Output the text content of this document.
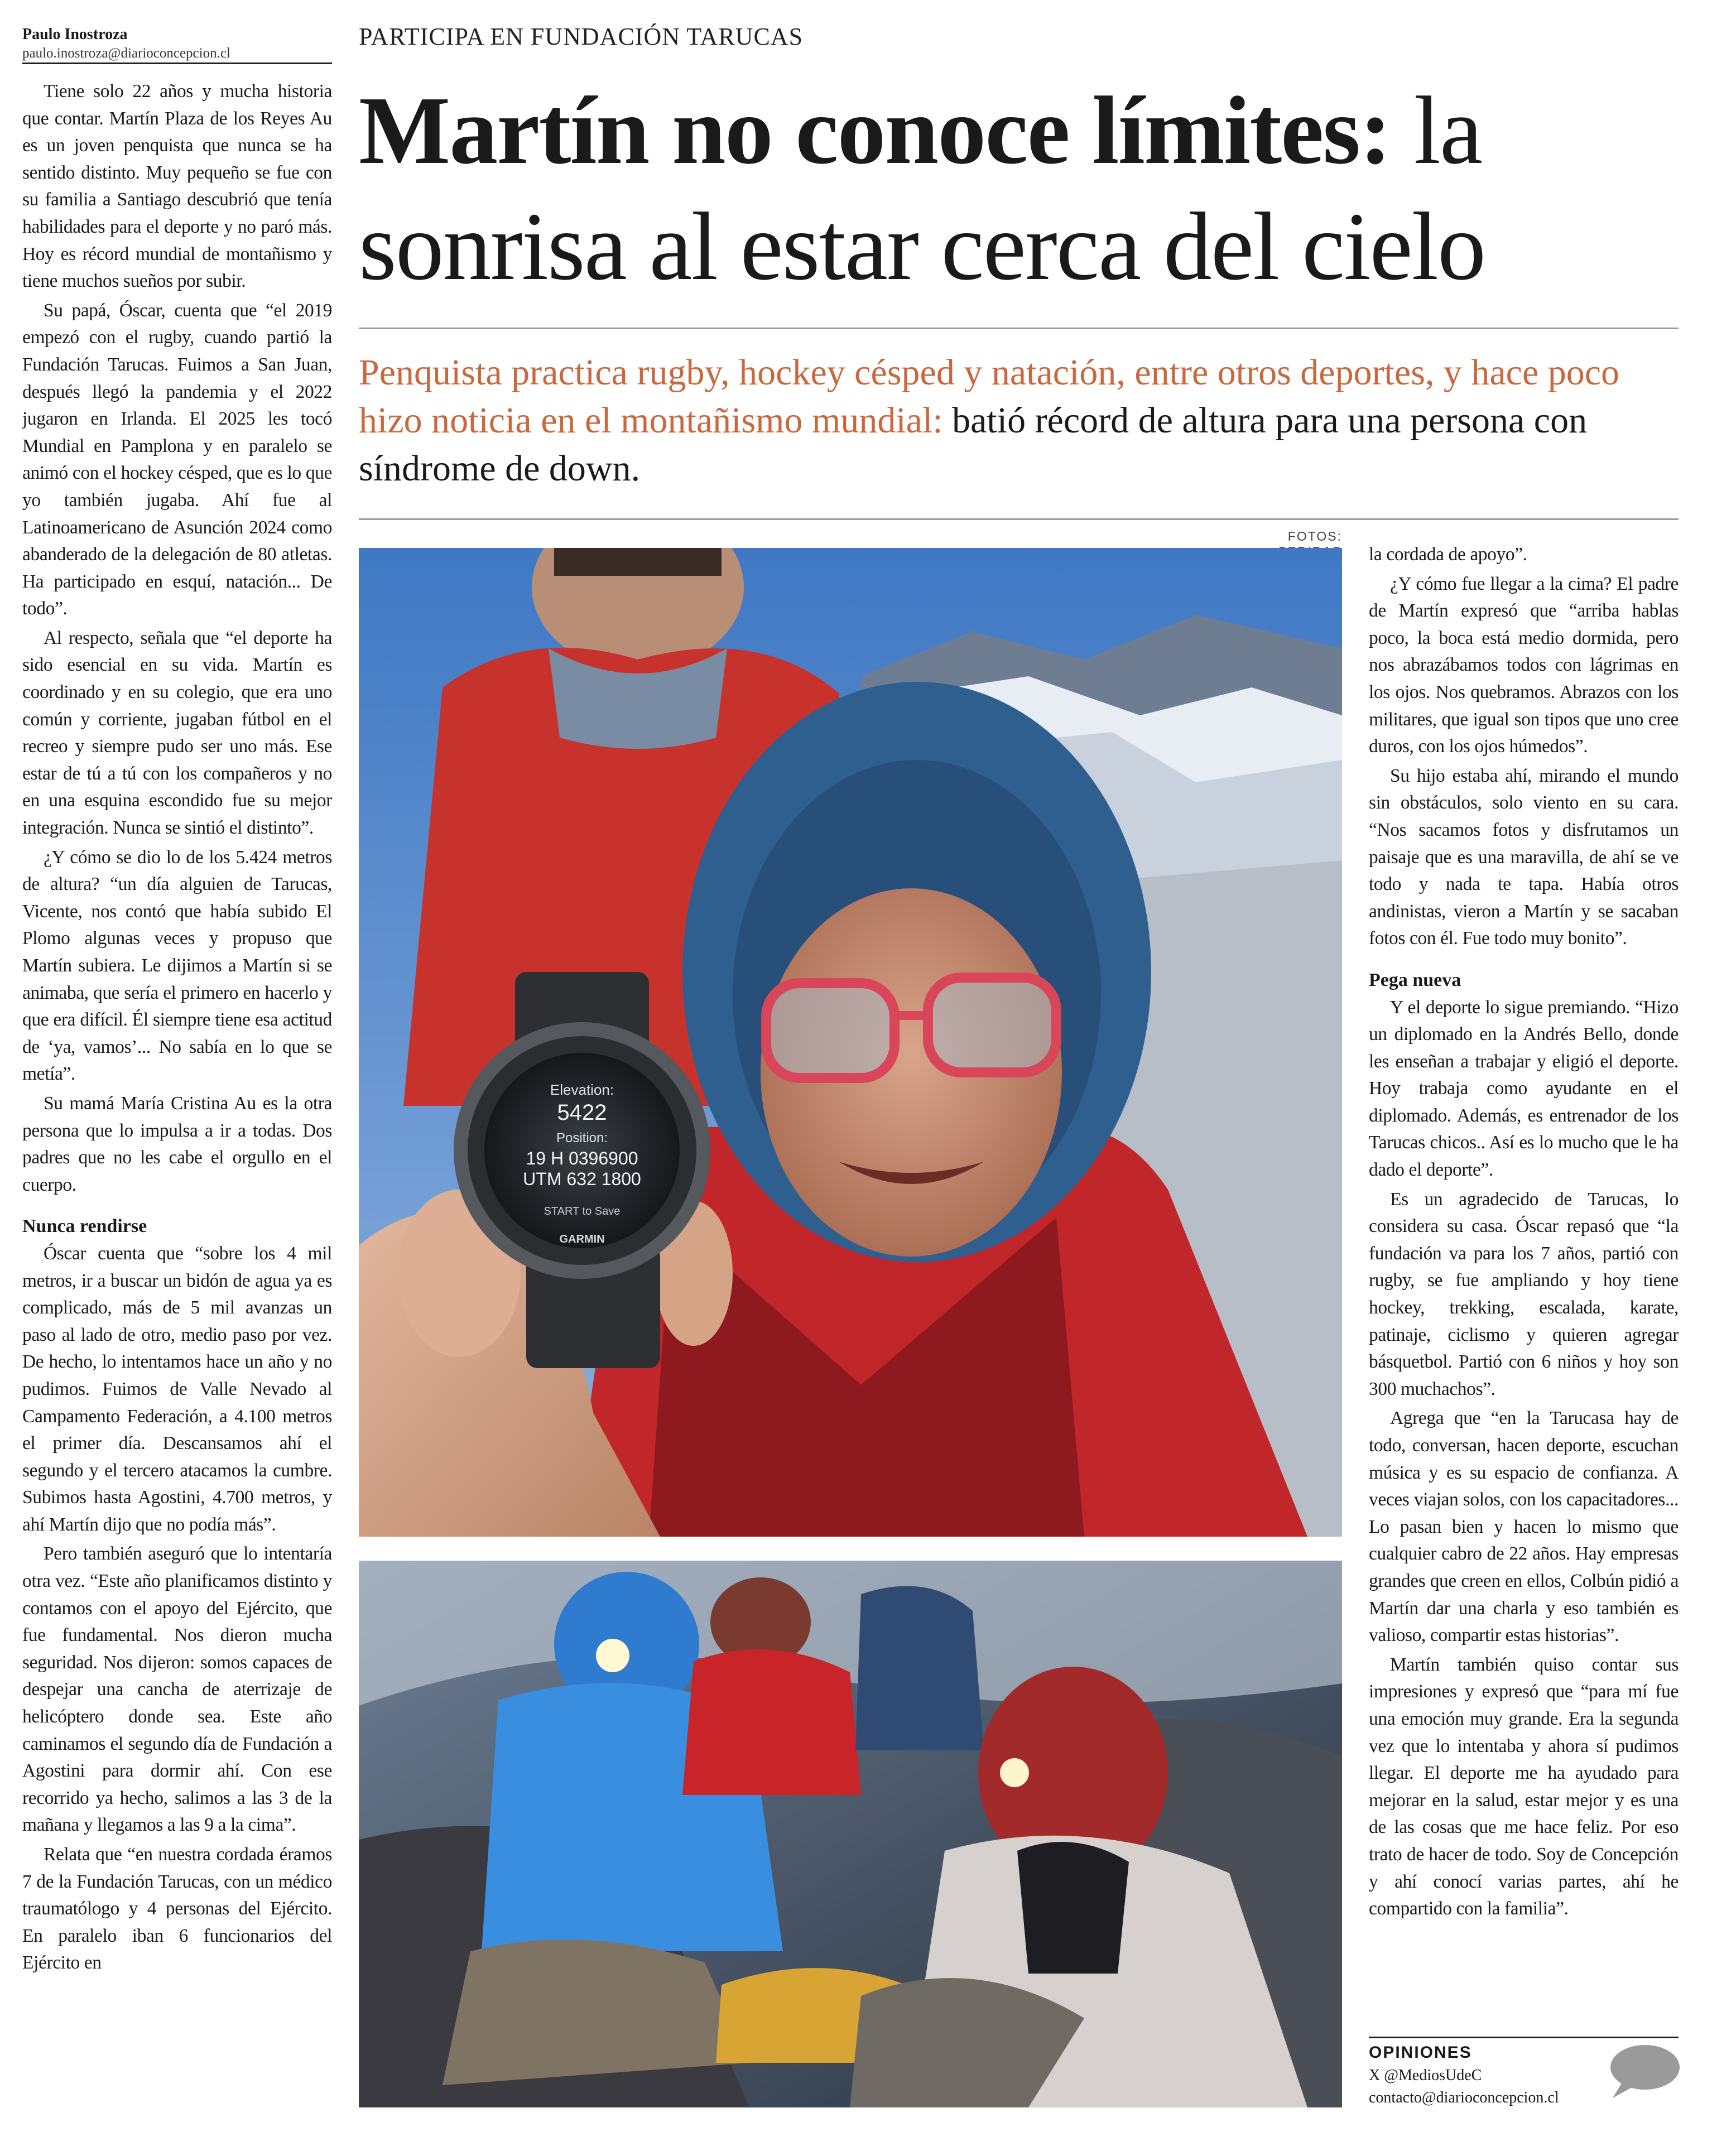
Paulo Inostroza
paulo.inostroza@diarioconcepcion.cl

Tiene solo 22 años y mucha historia que contar. Martín Plaza de los Reyes Au es un joven penquista que nunca se ha sentido distinto. Muy pequeño se fue con su familia a Santiago descubrió que tenía habilidades para el deporte y no paró más. Hoy es récord mundial de montañismo y tiene muchos sueños por subir.

Su papá, Óscar, cuenta que “el 2019 empezó con el rugby, cuando partió la Fundación Tarucas. Fuimos a San Juan, después llegó la pandemia y el 2022 jugaron en Irlanda. El 2025 les tocó Mundial en Pamplona y en paralelo se animó con el hockey césped, que es lo que yo también jugaba. Ahí fue al Latinoamericano de Asunción 2024 como abanderado de la delegación de 80 atletas. Ha participado en esquí, natación... De todo”.

Al respecto, señala que “el deporte ha sido esencial en su vida. Martín es coordinado y en su colegio, que era uno común y corriente, jugaban fútbol en el recreo y siempre pudo ser uno más. Ese estar de tú a tú con los compañeros y no en una esquina escondido fue su mejor integración. Nunca se sintió el distinto”.

¿Y cómo se dio lo de los 5.424 metros de altura? “un día alguien de Tarucas, Vicente, nos contó que había subido El Plomo algunas veces y propuso que Martín subiera. Le dijimos a Martín si se animaba, que sería el primero en hacerlo y que era difícil. Él siempre tiene esa actitud de ‘ya, vamos’... No sabía en lo que se metía”.

Su mamá María Cristina Au es la otra persona que lo impulsa a ir a todas. Dos padres que no les cabe el orgullo en el cuerpo.

Nunca rendirse

Óscar cuenta que “sobre los 4 mil metros, ir a buscar un bidón de agua ya es complicado, más de 5 mil avanzas un paso al lado de otro, medio paso por vez. De hecho, lo intentamos hace un año y no pudimos. Fuimos de Valle Nevado al Campamento Federación, a 4.100 metros el primer día. Descansamos ahí el segundo y el tercero atacamos la cumbre. Subimos hasta Agostini, 4.700 metros, y ahí Martín dijo que no podía más”.

Pero también aseguró que lo intentaría otra vez. “Este año planificamos distinto y contamos con el apoyo del Ejército, que fue fundamental. Nos dieron mucha seguridad. Nos dijeron: somos capaces de despejar una cancha de aterrizaje de helicóptero donde sea. Este año caminamos el segundo día de Fundación a Agostini para dormir ahí. Con ese recorrido ya hecho, salimos a las 3 de la mañana y llegamos a las 9 a la cima”.

Relata que “en nuestra cordada éramos 7 de la Fundación Tarucas, con un médico traumatólogo y 4 personas del Ejército. En paralelo iban 6 funcionarios del Ejército en

PARTICIPA EN FUNDACIÓN TARUCAS
Martín no conoce límites: la sonrisa al estar cerca del cielo
Penquista practica rugby, hockey césped y natación, entre otros deportes, y hace poco hizo noticia en el montañismo mundial: batió récord de altura para una persona con síndrome de down.
FOTOS:
Elevation:
5422
Position:
19 H 0396900
UTM 632 1800
START to Save
GARMIN

la cordada de apoyo”.

¿Y cómo fue llegar a la cima? El padre de Martín expresó que “arriba hablas poco, la boca está medio dormida, pero nos abrazábamos todos con lágrimas en los ojos. Nos quebramos. Abrazos con los militares, que igual son tipos que uno cree duros, con los ojos húmedos”.

Su hijo estaba ahí, mirando el mundo sin obstáculos, solo viento en su cara. “Nos sacamos fotos y disfrutamos un paisaje que es una maravilla, de ahí se ve todo y nada te tapa. Había otros andinistas, vieron a Martín y se sacaban fotos con él. Fue todo muy bonito”.

Pega nueva

Y el deporte lo sigue premiando. “Hizo un diplomado en la Andrés Bello, donde les enseñan a trabajar y eligió el deporte. Hoy trabaja como ayudante en el diplomado. Además, es entrenador de los Tarucas chicos.. Así es lo mucho que le ha dado el deporte”.

Es un agradecido de Tarucas, lo considera su casa. Óscar repasó que “la fundación va para los 7 años, partió con rugby, se fue ampliando y hoy tiene hockey, trekking, escalada, karate, patinaje, ciclismo y quieren agregar básquetbol. Partió con 6 niños y hoy son 300 muchachos”.

Agrega que “en la Tarucasa hay de todo, conversan, hacen deporte, escuchan música y es su espacio de confianza. A veces viajan solos, con los capacitadores... Lo pasan bien y hacen lo mismo que cualquier cabro de 22 años. Hay empresas grandes que creen en ellos, Colbún pidió a Martín dar una charla y eso también es valioso, compartir estas historias”.

Martín también quiso contar sus impresiones y expresó que “para mí fue una emoción muy grande. Era la segunda vez que lo intentaba y ahora sí pudimos llegar. El deporte me ha ayudado para mejorar en la salud, estar mejor y es una de las cosas que me hace feliz. Por eso trato de hacer de todo. Soy de Concepción y ahí conocí varias partes, ahí he compartido con la familia”.

OPINIONES
X @MediosUdeC
contacto@diarioconcepcion.cl
